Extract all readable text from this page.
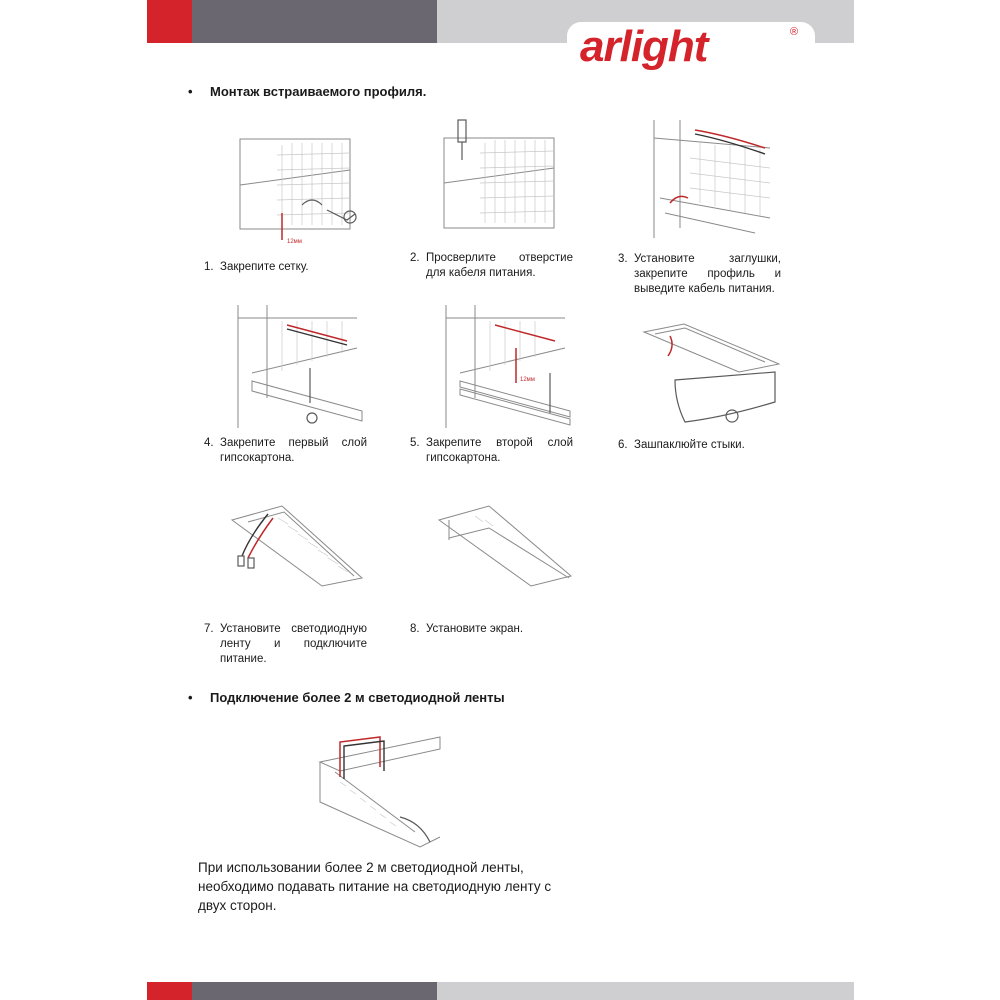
arlight	®
• Монтаж встраиваемого профиля.
12мм
1. Закрепите сетку.
2. Просверлите отверстие для кабеля питания.
3. Установите заглушки, закрепите профиль и выведите кабель питания.
4. Закрепите первый слой гипсокартона.
12мм
5. Закрепите второй слой гипсокартона.
6. Зашпаклюйте стыки.
7. Установите светодиодную ленту и подключите питание.
8. Установите экран.
• Подключение более 2 м светодиодной ленты
При использовании более 2 м светодиодной ленты, необходимо подавать питание на светодиодную ленту с двух сторон.
